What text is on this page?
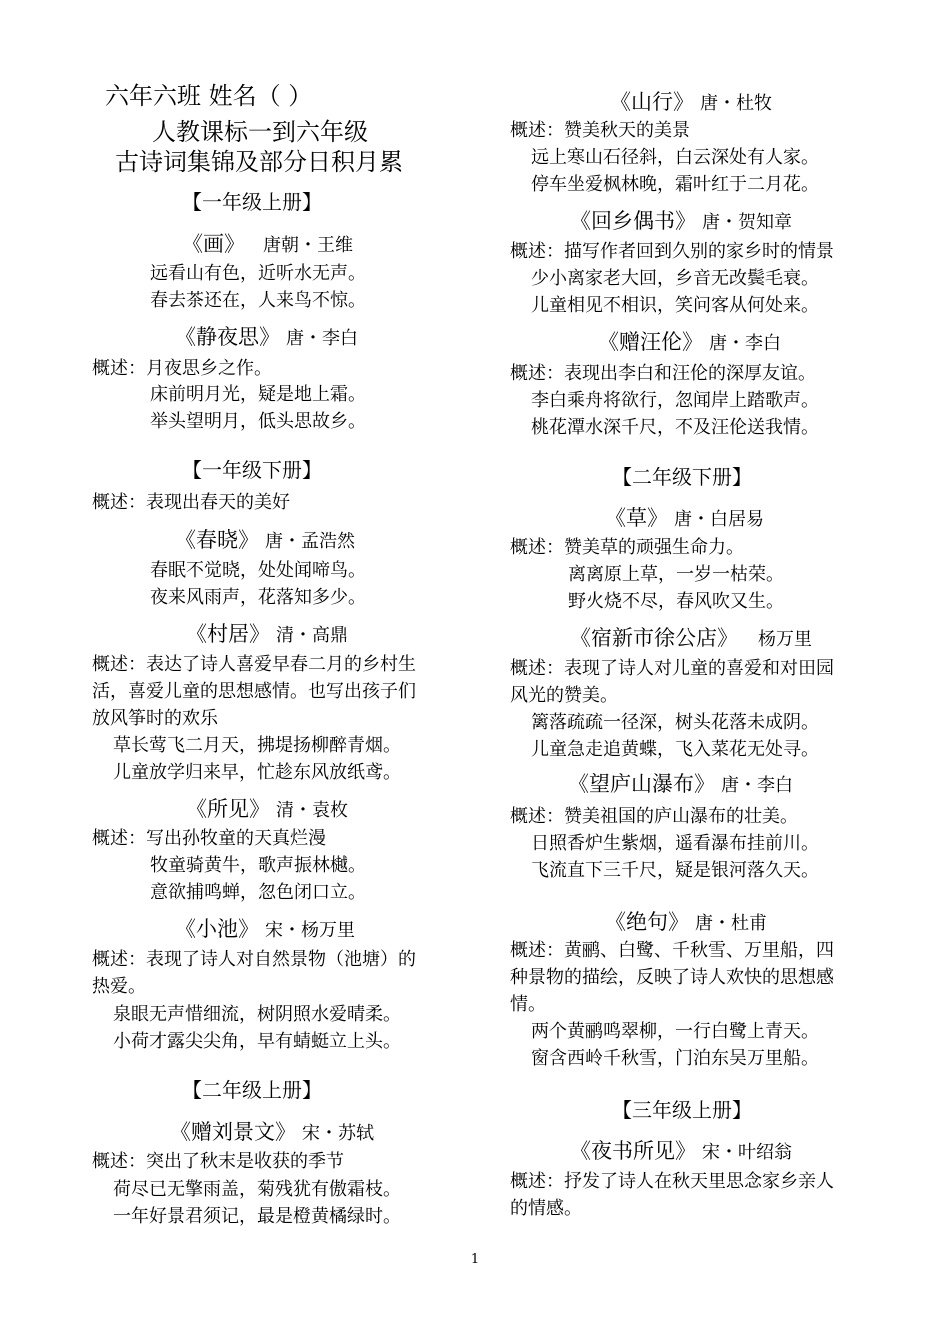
六年六班 姓名（ ）
人教课标一到六年级
古诗词集锦及部分日积月累
【一年级上册】
《画》 唐朝・王维
远看山有色，近听水无声。
春去茶还在，人来鸟不惊。
《静夜思》 唐・李白
概述：月夜思乡之作。
床前明月光，疑是地上霜。
举头望明月，低头思故乡。
【一年级下册】
概述：表现出春天的美好
《春晓》 唐・孟浩然
春眠不觉晓，处处闻啼鸟。
夜来风雨声，花落知多少。
《村居》 清・高鼎
概述：表达了诗人喜爱早春二月的乡村生
活，喜爱儿童的思想感情。也写出孩子们
放风筝时的欢乐
草长莺飞二月天，拂堤扬柳醉青烟。
儿童放学归来早，忙趁东风放纸鸢。
《所见》 清・袁枚
概述：写出孙牧童的天真烂漫
牧童骑黄牛，歌声振林樾。
意欲捕鸣蝉，忽色闭口立。
《小池》 宋・杨万里
概述：表现了诗人对自然景物（池塘）的
热爱。
泉眼无声惜细流，树阴照水爱晴柔。
小荷才露尖尖角，早有蜻蜓立上头。
【二年级上册】
《赠刘景文》 宋・苏轼
概述：突出了秋末是收获的季节
荷尽已无擎雨盖，菊残犹有傲霜枝。
一年好景君须记，最是橙黄橘绿时。
《山行》 唐・杜牧
概述：赞美秋天的美景
远上寒山石径斜，白云深处有人家。
停车坐爱枫林晚，霜叶红于二月花。
《回乡偶书》 唐・贺知章
概述：描写作者回到久别的家乡时的情景
少小离家老大回，乡音无改鬓毛衰。
儿童相见不相识，笑问客从何处来。
《赠汪伦》 唐・李白
概述：表现出李白和汪伦的深厚友谊。
李白乘舟将欲行，忽闻岸上踏歌声。
桃花潭水深千尺，不及汪伦送我情。
【二年级下册】
《草》 唐・白居易
概述：赞美草的顽强生命力。
离离原上草，一岁一枯荣。
野火烧不尽，春风吹又生。
《宿新市徐公店》 杨万里
概述：表现了诗人对儿童的喜爱和对田园
风光的赞美。
篱落疏疏一径深，树头花落未成阴。
儿童急走追黄蝶，飞入菜花无处寻。
《望庐山瀑布》 唐・李白
概述：赞美祖国的庐山瀑布的壮美。
日照香炉生紫烟，遥看瀑布挂前川。
飞流直下三千尺，疑是银河落久天。
《绝句》 唐・杜甫
概述：黄鹂、白鹭、千秋雪、万里船，四
种景物的描绘，反映了诗人欢快的思想感
情。
两个黄鹂鸣翠柳，一行白鹭上青天。
窗含西岭千秋雪，门泊东吴万里船。
【三年级上册】
《夜书所见》 宋・叶绍翁
概述：抒发了诗人在秋天里思念家乡亲人
的情感。
1
